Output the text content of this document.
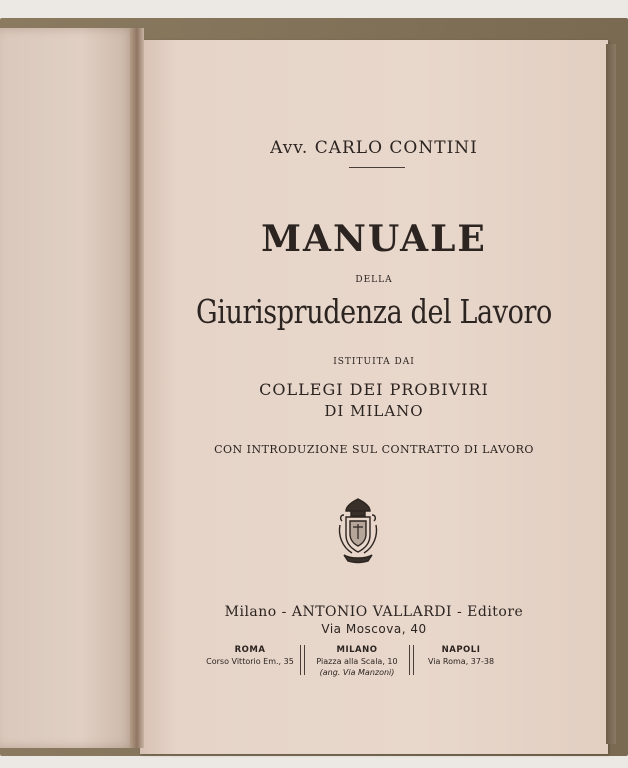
Avv. CARLO CONTINI
MANUALE
DELLA
Giurisprudenza del Lavoro
ISTITUITA DAI
COLLEGI DEI PROBIVIRI
DI MILANO
CON INTRODUZIONE SUL CONTRATTO DI LAVORO
Milano - ANTONIO VALLARDI - Editore
Via Moscova, 40
ROMA
Corso Vittorio Em., 35
MILANO
Piazza alla Scala, 10
(ang. Via Manzoni)
NAPOLI
Via Roma, 37-38
